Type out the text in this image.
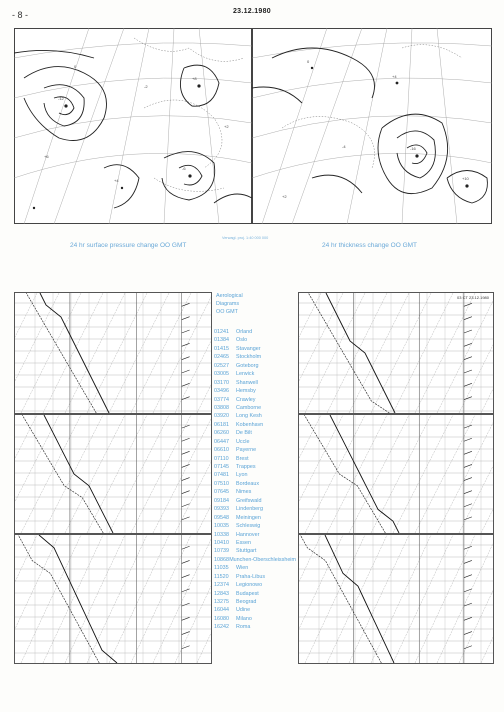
- 8 -	23.12.1980
-12
+8
-6
+4
0
+2
-2
+6
-16
+10
+4
0
-4
+2
Verwagl. proj. 1:40 000 000
24 hr surface pressure change OO GMT	24 hr thickness change OO GMT
03 CT 23.12.1980
Aerological
Diagrams
OO GMT
01241	Orland
01384	Oslo
01415	Stavanger
02465	Stockholm
02527	Goteborg
03005	Lerwick
03170	Shanwell
03496	Hemsby
03774	Crawley
03808	Camborne
03920	Long Kesh
06181	Kobenhavn
06260	De Bilt
06447	Uccle
06610	Payerne
07110	Brest
07145	Trappes
07481	Lyon
07510	Bordeaux
07645	Nimes
09184	Greifswald
09393	Lindenberg
09548	Meiningen
10035	Schleswig
10338	Hannover
10410	Essen
10739	Stuttgart
10868 Munchen-Oberschleissheim
11035	Wien
11520	Praha-Libus
12374	Legionowo
12843	Budapest
13275	Beograd
16044	Udine
16080	Milano
16242	Roma
